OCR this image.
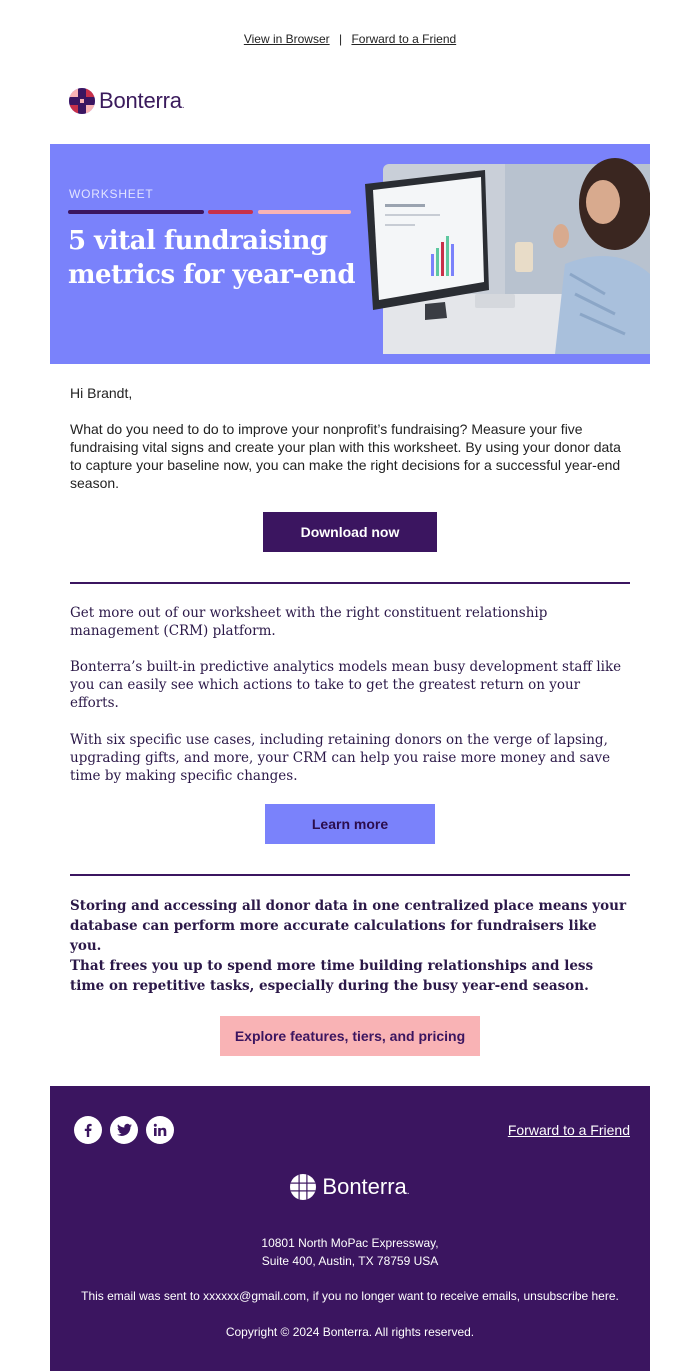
View in Browser | Forward to a Friend
Bonterra.
WORKSHEET
5 vital fundraising metrics for year-end
Hi Brandt,
What do you need to do to improve your nonprofit’s fundraising? Measure your five fundraising vital signs and create your plan with this worksheet. By using your donor data to capture your baseline now, you can make the right decisions for a successful year-end season.
Download now
Get more out of our worksheet with the right constituent relationship management (CRM) platform.
Bonterra’s built-in predictive analytics models mean busy development staff like you can easily see which actions to take to get the greatest return on your efforts.
With six specific use cases, including retaining donors on the verge of lapsing, upgrading gifts, and more, your CRM can help you raise more money and save time by making specific changes.
Learn more
Storing and accessing all donor data in one centralized place means your database can perform more accurate calculations for fundraisers like you.
That frees you up to spend more time building relationships and less time on repetitive tasks, especially during the busy year-end season.
Explore features, tiers, and pricing
Forward to a Friend
Bonterra.
10801 North MoPac Expressway,
Suite 400, Austin, TX 78759 USA
This email was sent to xxxxxx@gmail.com, if you no longer want to receive emails, unsubscribe here.
Copyright © 2024 Bonterra. All rights reserved.
